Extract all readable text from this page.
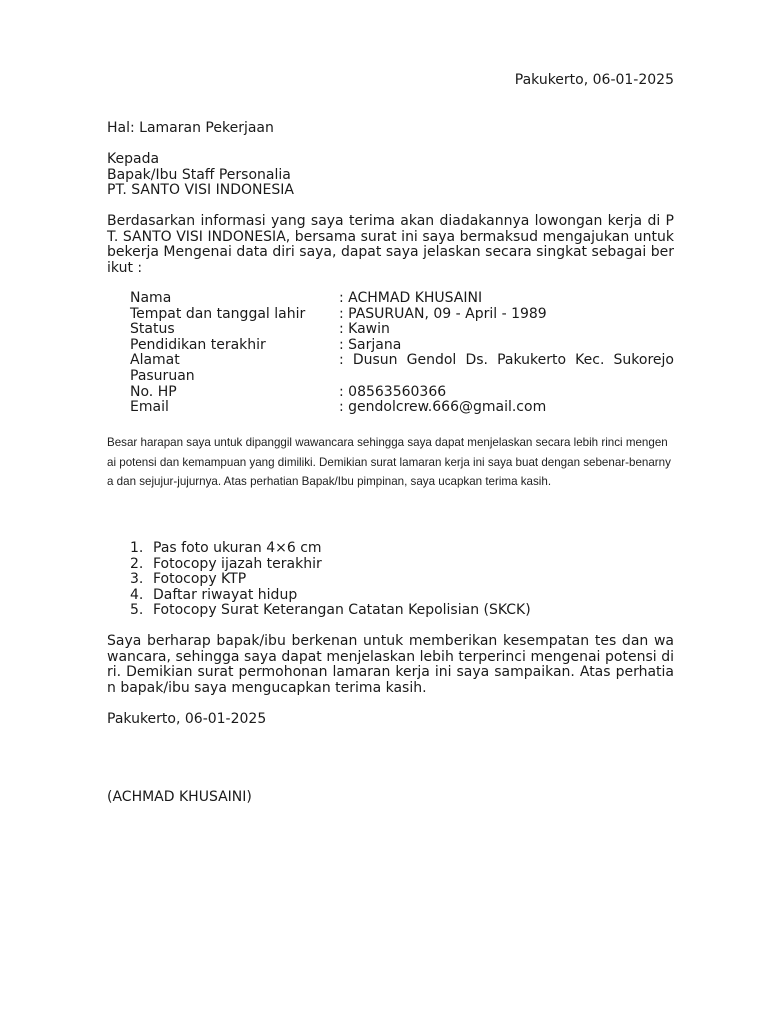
Pakukerto, 06-01-2025
Hal: Lamaran Pekerjaan
Kepada
Bapak/Ibu Staff Personalia
PT. SANTO VISI INDONESIA
Berdasarkan informasi yang saya terima akan diadakannya lowongan kerja di PT. SANTO VISI INDONESIA, bersama surat ini saya bermaksud mengajukan untuk bekerja Mengenai data diri saya, dapat saya jelaskan secara singkat sebagai berikut :
Nama	: ACHMAD KHUSAINI
Tempat dan tanggal lahir	: PASURUAN, 09 - April - 1989
Status	: Kawin
Pendidikan terakhir	: Sarjana
Alamat	: Dusun Gendol Ds. Pakukerto Kec. Sukorejo
Pasuruan
No. HP	: 08563560366
Email	: gendolcrew.666@gmail.com
Besar harapan saya untuk dipanggil wawancara sehingga saya dapat menjelaskan secara lebih rinci mengenai potensi dan kemampuan yang dimiliki. Demikian surat lamaran kerja ini saya buat dengan sebenar-benarnya dan sejujur-jujurnya. Atas perhatian Bapak/Ibu pimpinan, saya ucapkan terima kasih.
1. Pas foto ukuran 4×6 cm
2. Fotocopy ijazah terakhir
3. Fotocopy KTP
4. Daftar riwayat hidup
5. Fotocopy Surat Keterangan Catatan Kepolisian (SKCK)
Saya berharap bapak/ibu berkenan untuk memberikan kesempatan tes dan wawancara, sehingga saya dapat menjelaskan lebih terperinci mengenai potensi diri. Demikian surat permohonan lamaran kerja ini saya sampaikan. Atas perhatian bapak/ibu saya mengucapkan terima kasih.
Pakukerto, 06-01-2025
(ACHMAD KHUSAINI)
